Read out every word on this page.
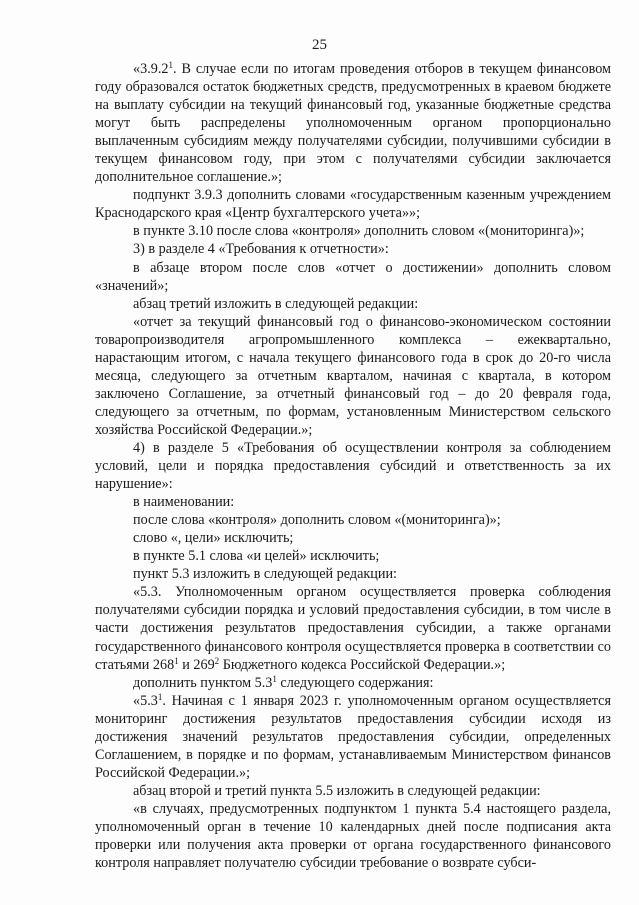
25

«3.9.2$^1$. В случае если по итогам проведения отборов в текущем финансовом году образовался остаток бюджетных средств, предусмотренных в краевом бюджете на выплату субсидии на текущий финансовый год, указанные бюджетные средства могут быть распределены уполномоченным органом пропорционально выплаченным субсидиям между получателями субсидии, получившими субсидии в текущем финансовом году, при этом с получателями субсидии заключается дополнительное соглашение.»;

подпункт 3.9.3 дополнить словами «государственным казенным учреждением Краснодарского края «Центр бухгалтерского учета»»;

в пункте 3.10 после слова «контроля» дополнить словом «(мониторинга)»;

3) в разделе 4 «Требования к отчетности»:

в абзаце втором после слов «отчет о достижении» дополнить словом «значений»;

абзац третий изложить в следующей редакции:

«отчет за текущий финансовый год о финансово-экономическом состоянии товаропроизводителя агропромышленного комплекса – ежеквартально, нарастающим итогом, с начала текущего финансового года в срок до 20-го числа месяца, следующего за отчетным кварталом, начиная с квартала, в котором заключено Соглашение, за отчетный финансовый год – до 20 февраля года, следующего за отчетным, по формам, установленным Министерством сельского хозяйства Российской Федерации.»;

4) в разделе 5 «Требования об осуществлении контроля за соблюдением условий, цели и порядка предоставления субсидий и ответственность за их нарушение»:

в наименовании:

после слова «контроля» дополнить словом «(мониторинга)»;

слово «, цели» исключить;

в пункте 5.1 слова «и целей» исключить;

пункт 5.3 изложить в следующей редакции:

«5.3. Уполномоченным органом осуществляется проверка соблюдения получателями субсидии порядка и условий предоставления субсидии, в том числе в части достижения результатов предоставления субсидии, а также органами государственного финансового контроля осуществляется проверка в соответствии со статьями $268^1$ и $269^2$ Бюджетного кодекса Российской Федерации.»;

дополнить пунктом $5.3^1$ следующего содержания:

«$5.3^1$. Начиная с 1 января 2023 г. уполномоченным органом осуществляется мониторинг достижения результатов предоставления субсидии исходя из достижения значений результатов предоставления субсидии, определенных Соглашением, в порядке и по формам, устанавливаемым Министерством финансов Российской Федерации.»;

абзац второй и третий пункта 5.5 изложить в следующей редакции:

«в случаях, предусмотренных подпунктом 1 пункта 5.4 настоящего раздела, уполномоченный орган в течение 10 календарных дней после подписания акта проверки или получения акта проверки от органа государственного финансового контроля направляет получателю субсидии требование о возврате субси-
